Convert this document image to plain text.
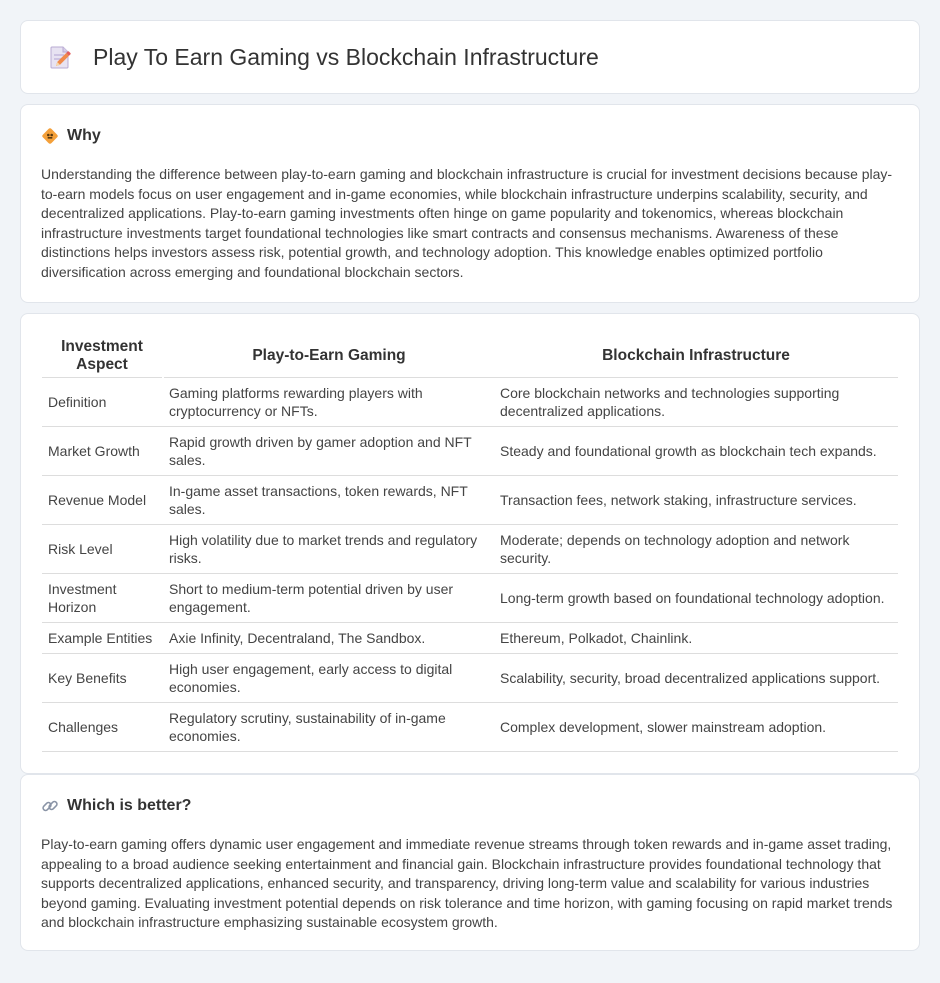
Play To Earn Gaming vs Blockchain Infrastructure
Why

Understanding the difference between play-to-earn gaming and blockchain infrastructure is crucial for investment decisions because play-to-earn models focus on user engagement and in-game economies, while blockchain infrastructure underpins scalability, security, and decentralized applications. Play-to-earn gaming investments often hinge on game popularity and tokenomics, whereas blockchain infrastructure investments target foundational technologies like smart contracts and consensus mechanisms. Awareness of these distinctions helps investors assess risk, potential growth, and technology adoption. This knowledge enables optimized portfolio diversification across emerging and foundational blockchain sectors.

Investment Aspect	Play-to-Earn Gaming	Blockchain Infrastructure
Definition	Gaming platforms rewarding players with cryptocurrency or NFTs.	Core blockchain networks and technologies supporting decentralized applications.
Market Growth	Rapid growth driven by gamer adoption and NFT sales.	Steady and foundational growth as blockchain tech expands.
Revenue Model	In-game asset transactions, token rewards, NFT sales.	Transaction fees, network staking, infrastructure services.
Risk Level	High volatility due to market trends and regulatory risks.	Moderate; depends on technology adoption and network security.
Investment Horizon	Short to medium-term potential driven by user engagement.	Long-term growth based on foundational technology adoption.
Example Entities	Axie Infinity, Decentraland, The Sandbox.	Ethereum, Polkadot, Chainlink.
Key Benefits	High user engagement, early access to digital economies.	Scalability, security, broad decentralized applications support.
Challenges	Regulatory scrutiny, sustainability of in-game economies.	Complex development, slower mainstream adoption.
Which is better?

Play-to-earn gaming offers dynamic user engagement and immediate revenue streams through token rewards and in-game asset trading, appealing to a broad audience seeking entertainment and financial gain. Blockchain infrastructure provides foundational technology that supports decentralized applications, enhanced security, and transparency, driving long-term value and scalability for various industries beyond gaming. Evaluating investment potential depends on risk tolerance and time horizon, with gaming focusing on rapid market trends and blockchain infrastructure emphasizing sustainable ecosystem growth.
